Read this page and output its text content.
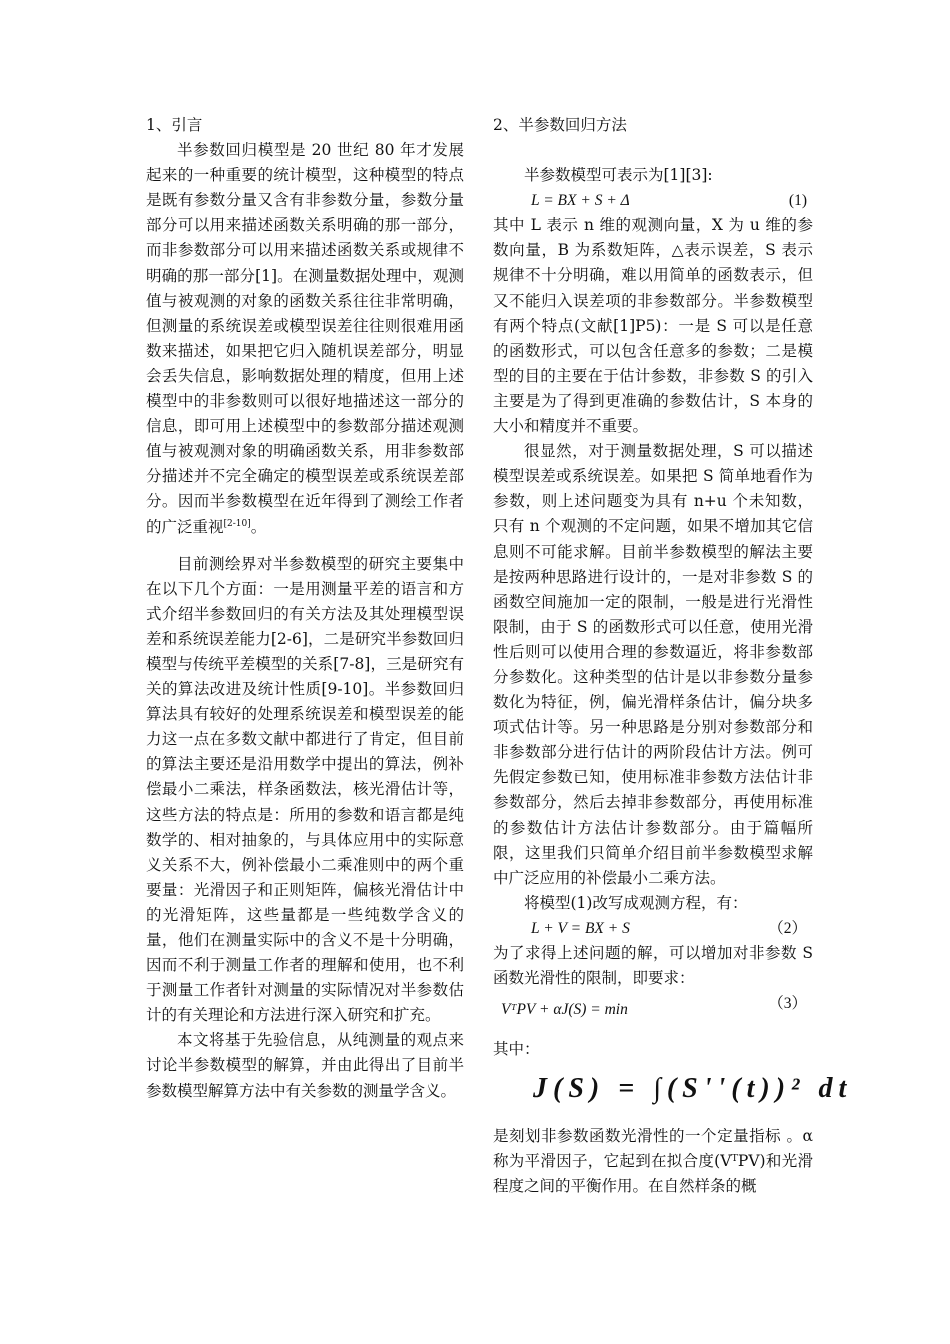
1、引言

半参数回归模型是 20 世纪 80 年才发展起来的一种重要的统计模型，这种模型的特点是既有参数分量又含有非参数分量，参数分量部分可以用来描述函数关系明确的那一部分，而非参数部分可以用来描述函数关系或规律不明确的那一部分[1]。在测量数据处理中，观测值与被观测的对象的函数关系往往非常明确，但测量的系统误差或模型误差往往则很难用函数来描述，如果把它归入随机误差部分，明显会丢失信息，影响数据处理的精度，但用上述模型中的非参数则可以很好地描述这一部分的信息，即可用上述模型中的参数部分描述观测值与被观测对象的明确函数关系，用非参数部分描述并不完全确定的模型误差或系统误差部分。因而半参数模型在近年得到了测绘工作者的广泛重视[2-10]。

目前测绘界对半参数模型的研究主要集中在以下几个方面：一是用测量平差的语言和方式介绍半参数回归的有关方法及其处理模型误差和系统误差能力[2-6]，二是研究半参数回归模型与传统平差模型的关系[7-8]，三是研究有关的算法改进及统计性质[9-10]。半参数回归算法具有较好的处理系统误差和模型误差的能力这一点在多数文献中都进行了肯定，但目前的算法主要还是沿用数学中提出的算法，例补偿最小二乘法，样条函数法，核光滑估计等，这些方法的特点是：所用的参数和语言都是纯数学的、相对抽象的，与具体应用中的实际意义关系不大，例补偿最小二乘准则中的两个重要量：光滑因子和正则矩阵，偏核光滑估计中的光滑矩阵，这些量都是一些纯数学含义的量，他们在测量实际中的含义不是十分明确，因而不利于测量工作者的理解和使用，也不利于测量工作者针对测量的实际情况对半参数估计的有关理论和方法进行深入研究和扩充。

本文将基于先验信息，从纯测量的观点来讨论半参数模型的解算，并由此得出了目前半参数模型解算方法中有关参数的测量学含义。

2、半参数回归方法

半参数模型可表示为[1][3]:

L = BX + S + Δ	(1)

其中 L 表示 n 维的观测向量，X 为 u 维的参数向量，B 为系数矩阵，△表示误差，S 表示规律不十分明确，难以用简单的函数表示，但又不能归入误差项的非参数部分。半参数模型有两个特点(文献[1]P5)：一是 S 可以是任意的函数形式，可以包含任意多的参数；二是模型的目的主要在于估计参数，非参数 S 的引入主要是为了得到更准确的参数估计，S 本身的大小和精度并不重要。

很显然，对于测量数据处理，S 可以描述模型误差或系统误差。如果把 S 简单地看作为参数，则上述问题变为具有 n+u 个未知数，只有 n 个观测的不定问题，如果不增加其它信息则不可能求解。目前半参数模型的解法主要是按两种思路进行设计的，一是对非参数 S 的函数空间施加一定的限制，一般是进行光滑性限制，由于 S 的函数形式可以任意，使用光滑性后则可以使用合理的参数逼近，将非参数部分参数化。这种类型的估计是以非参数分量参数化为特征，例，偏光滑样条估计，偏分块多项式估计等。另一种思路是分别对参数部分和非参数部分进行估计的两阶段估计方法。例可先假定参数已知，使用标准非参数方法估计非参数部分，然后去掉非参数部分，再使用标准的参数估计方法估计参数部分。由于篇幅所限，这里我们只简单介绍目前半参数模型求解中广泛应用的补偿最小二乘方法。

将模型(1)改写成观测方程，有：

L + V = BX + S	（2）

为了求得上述问题的解，可以增加对非参数 S 函数光滑性的限制，即要求：

VᵀPV + αJ(S) = min	（3）

其中：

J(S) = ∫(S''(t))² dt

是刻划非参数函数光滑性的一个定量指标 。α 称为平滑因子，它起到在拟合度(VᵀPV)和光滑程度之间的平衡作用。在自然样条的概
